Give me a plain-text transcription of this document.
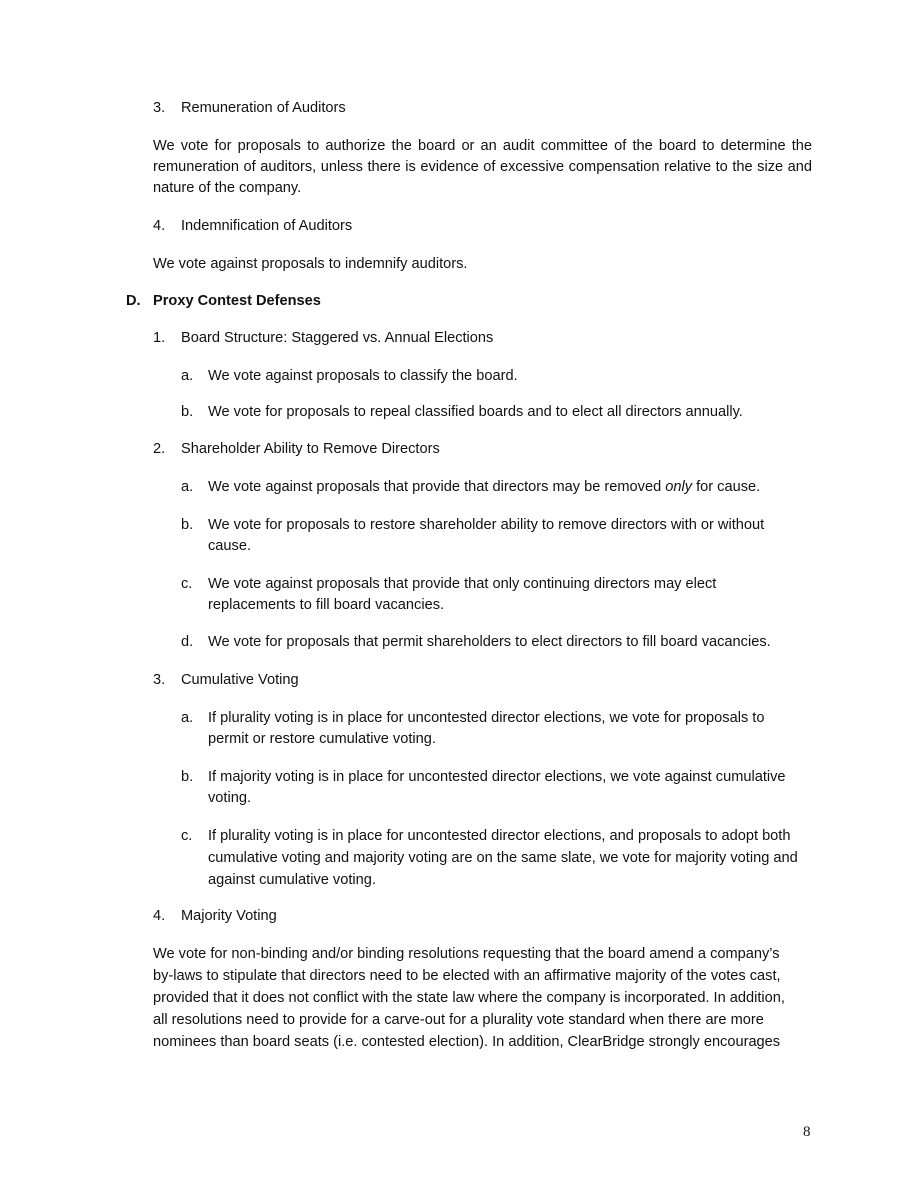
3. Remuneration of Auditors
We vote for proposals to authorize the board or an audit committee of the board to determine the remuneration of auditors, unless there is evidence of excessive compensation relative to the size and nature of the company.
4. Indemnification of Auditors
We vote against proposals to indemnify auditors.
D. Proxy Contest Defenses
1. Board Structure: Staggered vs. Annual Elections
a. We vote against proposals to classify the board.
b. We vote for proposals to repeal classified boards and to elect all directors annually.
2. Shareholder Ability to Remove Directors
a. We vote against proposals that provide that directors may be removed only for cause.
b. We vote for proposals to restore shareholder ability to remove directors with or without
cause.
c. We vote against proposals that provide that only continuing directors may elect
replacements to fill board vacancies.
d. We vote for proposals that permit shareholders to elect directors to fill board vacancies.
3. Cumulative Voting
a. If plurality voting is in place for uncontested director elections, we vote for proposals to
permit or restore cumulative voting.
b. If majority voting is in place for uncontested director elections, we vote against cumulative
voting.
c. If plurality voting is in place for uncontested director elections, and proposals to adopt both
cumulative voting and majority voting are on the same slate, we vote for majority voting and
against cumulative voting.
4. Majority Voting
We vote for non-binding and/or binding resolutions requesting that the board amend a company’s
by-laws to stipulate that directors need to be elected with an affirmative majority of the votes cast,
provided that it does not conflict with the state law where the company is incorporated. In addition,
all resolutions need to provide for a carve-out for a plurality vote standard when there are more
nominees than board seats (i.e. contested election). In addition, ClearBridge strongly encourages
8
